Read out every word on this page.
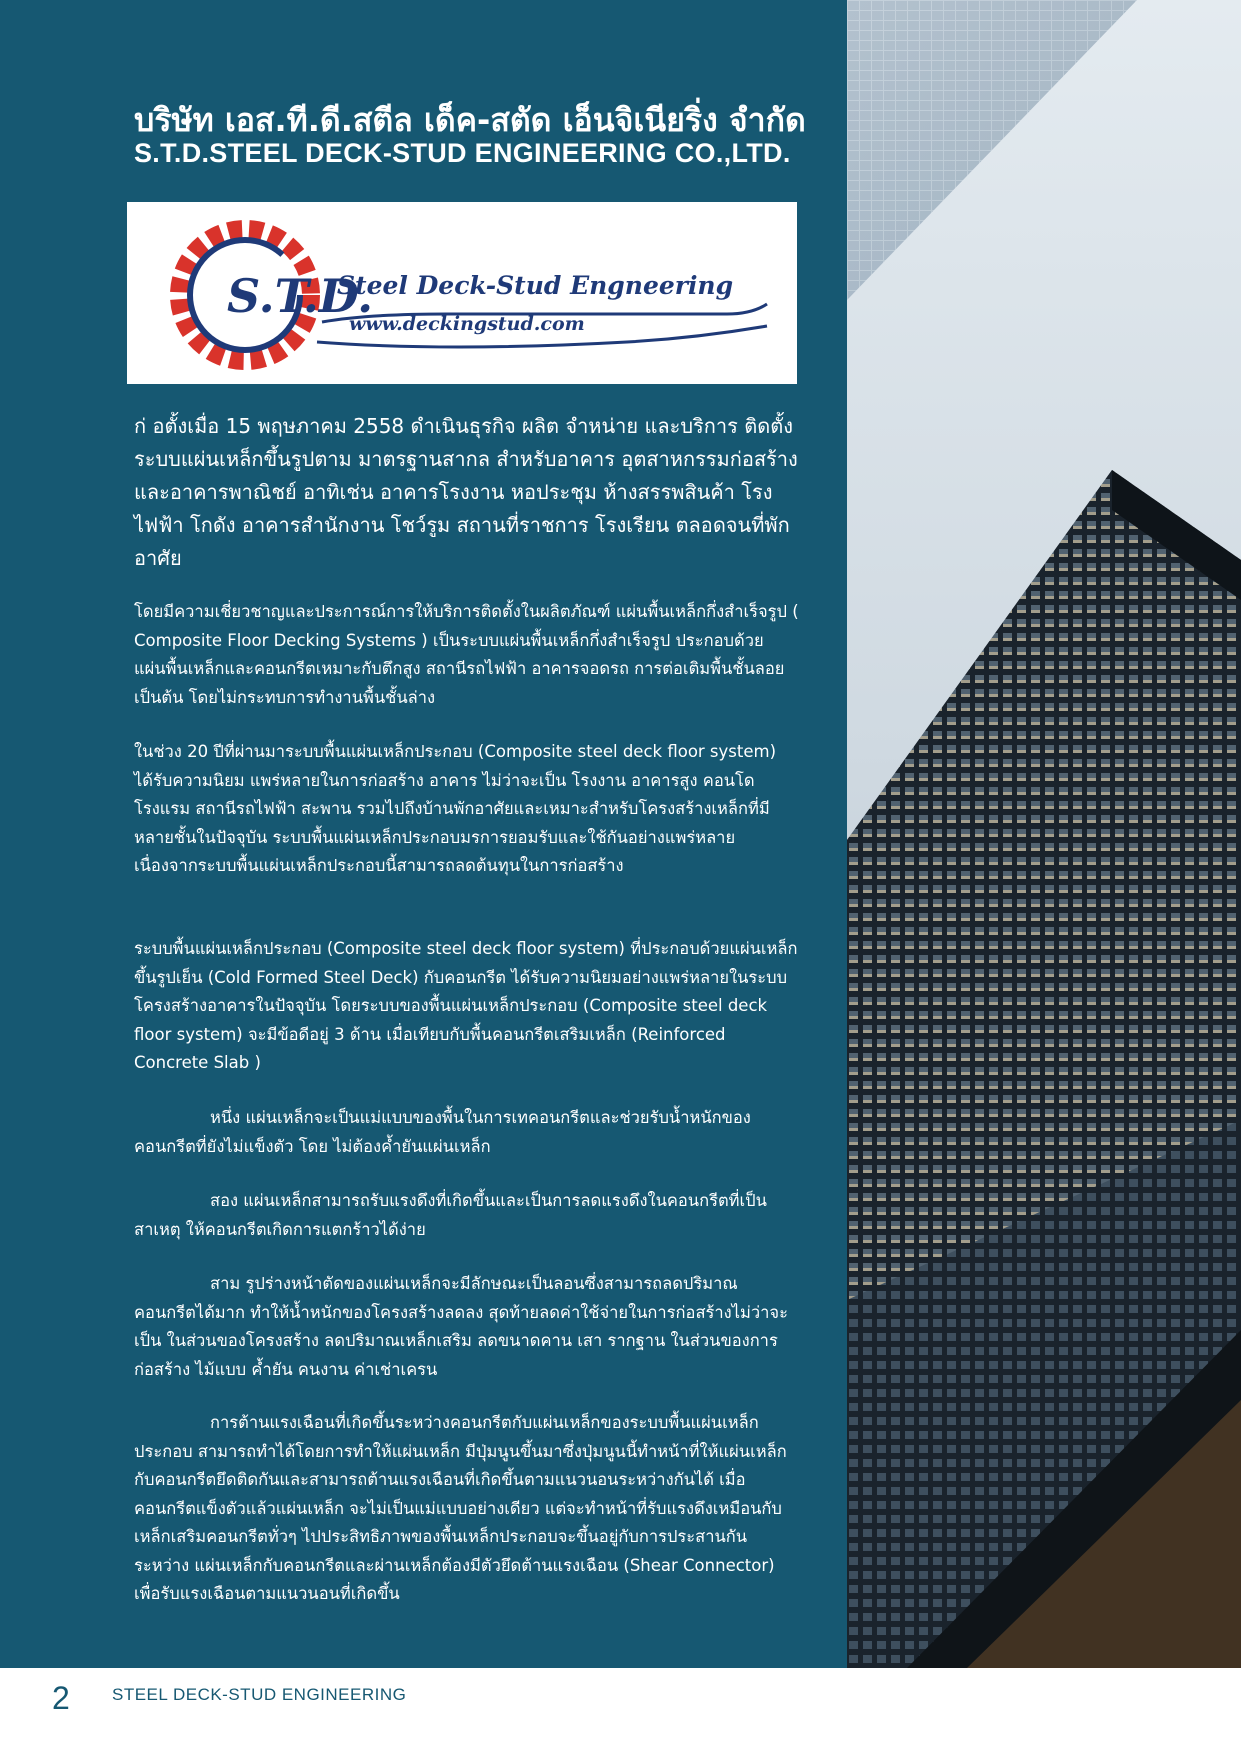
บริษัท เอส.ที.ดี.สตีล เด็ค-สตัด เอ็นจิเนียริ่ง จำกัด
S.T.D.STEEL DECK-STUD ENGINEERING CO.,LTD.
S.T.D.
Steel Deck-Stud Engneering
www.deckingstud.com

ก่ อตั้งเมื่อ 15 พฤษภาคม 2558 ดำเนินธุรกิจ ผลิต จำหน่าย และบริการ ติดตั้งระบบแผ่นเหล็กขึ้นรูปตาม มาตรฐานสากล สำหรับอาคาร อุตสาหกรรมก่อสร้าง และอาคารพาณิชย์ อาทิเช่น อาคารโรงงาน หอประชุม ห้างสรรพสินค้า โรงไฟฟ้า โกดัง อาคารสำนักงาน โชว์รูม สถานที่ราชการ โรงเรียน ตลอดจนที่พักอาศัย

โดยมีความเชี่ยวชาญและประการณ์การให้บริการติดตั้งในผลิตภัณฑ์ แผ่นพื้นเหล็กกึ่งสำเร็จรูป ( Composite Floor Decking Systems ) เป็นระบบแผ่นพื้นเหล็กกึ่งสำเร็จรูป ประกอบด้วย แผ่นพื้นเหล็กและคอนกรีตเหมาะกับตึกสูง สถานีรถไฟฟ้า อาคารจอดรถ การต่อเติมพื้นชั้นลอย เป็นต้น โดยไม่กระทบการทำงานพื้นชั้นล่าง

ในช่วง 20 ปีที่ผ่านมาระบบพื้นแผ่นเหล็กประกอบ (Composite steel deck floor system) ได้รับความนิยม แพร่หลายในการก่อสร้าง อาคาร ไม่ว่าจะเป็น โรงงาน อาคารสูง คอนโด โรงแรม สถานีรถไฟฟ้า สะพาน รวมไปถึงบ้านพักอาศัยและเหมาะสำหรับโครงสร้างเหล็กที่มีหลายชั้นในปัจจุบัน ระบบพื้นแผ่นเหล็กประกอบมรการยอมรับและใช้กันอย่างแพร่หลาย เนื่องจากระบบพื้นแผ่นเหล็กประกอบนี้สามารถลดต้นทุนในการก่อสร้าง

ระบบพื้นแผ่นเหล็กประกอบ (Composite steel deck floor system) ที่ประกอบด้วยแผ่นเหล็กขึ้นรูปเย็น (Cold Formed Steel Deck) กับคอนกรีต ได้รับความนิยมอย่างแพร่หลายในระบบโครงสร้างอาคารในปัจจุบัน โดยระบบของพื้นแผ่นเหล็กประกอบ (Composite steel deck floor system) จะมีข้อดีอยู่ 3 ด้าน เมื่อเทียบกับพื้นคอนกรีตเสริมเหล็ก (Reinforced Concrete Slab )

หนึ่ง แผ่นเหล็กจะเป็นแม่แบบของพื้นในการเทคอนกรีตและช่วยรับน้ำหนักของคอนกรีตที่ยังไม่แข็งตัว โดย ไม่ต้องค้ำยันแผ่นเหล็ก

สอง แผ่นเหล็กสามารถรับแรงดึงที่เกิดขึ้นและเป็นการลดแรงดึงในคอนกรีตที่เป็นสาเหตุ ให้คอนกรีตเกิดการแตกร้าวได้ง่าย

สาม รูปร่างหน้าตัดของแผ่นเหล็กจะมีลักษณะเป็นลอนซึ่งสามารถลดปริมาณคอนกรีตได้มาก ทำให้น้ำหนักของโครงสร้างลดลง สุดท้ายลดค่าใช้จ่ายในการก่อสร้างไม่ว่าจะเป็น ในส่วนของโครงสร้าง ลดปริมาณเหล็กเสริม ลดขนาดคาน เสา รากฐาน ในส่วนของการก่อสร้าง ไม้แบบ ค้ำยัน คนงาน ค่าเช่าเครน

การต้านแรงเฉือนที่เกิดขึ้นระหว่างคอนกรีตกับแผ่นเหล็กของระบบพื้นแผ่นเหล็กประกอบ สามารถทำได้โดยการทำให้แผ่นเหล็ก มีปุ่มนูนขึ้นมาซึ่งปุ่มนูนนี้ทำหน้าที่ให้แผ่นเหล็กกับคอนกรีตยึดติดกันและสามารถต้านแรงเฉือนที่เกิดขึ้นตามแนวนอนระหว่างกันได้ เมื่อคอนกรีตแข็งตัวแล้วแผ่นเหล็ก จะไม่เป็นแม่แบบอย่างเดียว แต่จะทำหน้าที่รับแรงดึงเหมือนกับเหล็กเสริมคอนกรีตทั่วๆ ไปประสิทธิภาพของพื้นเหล็กประกอบจะขึ้นอยู่กับการประสานกันระหว่าง แผ่นเหล็กกับคอนกรีตและผ่านเหล็กต้องมีตัวยึดต้านแรงเฉือน (Shear Connector) เพื่อรับแรงเฉือนตามแนวนอนที่เกิดขึ้น

2 STEEL DECK-STUD ENGINEERING
